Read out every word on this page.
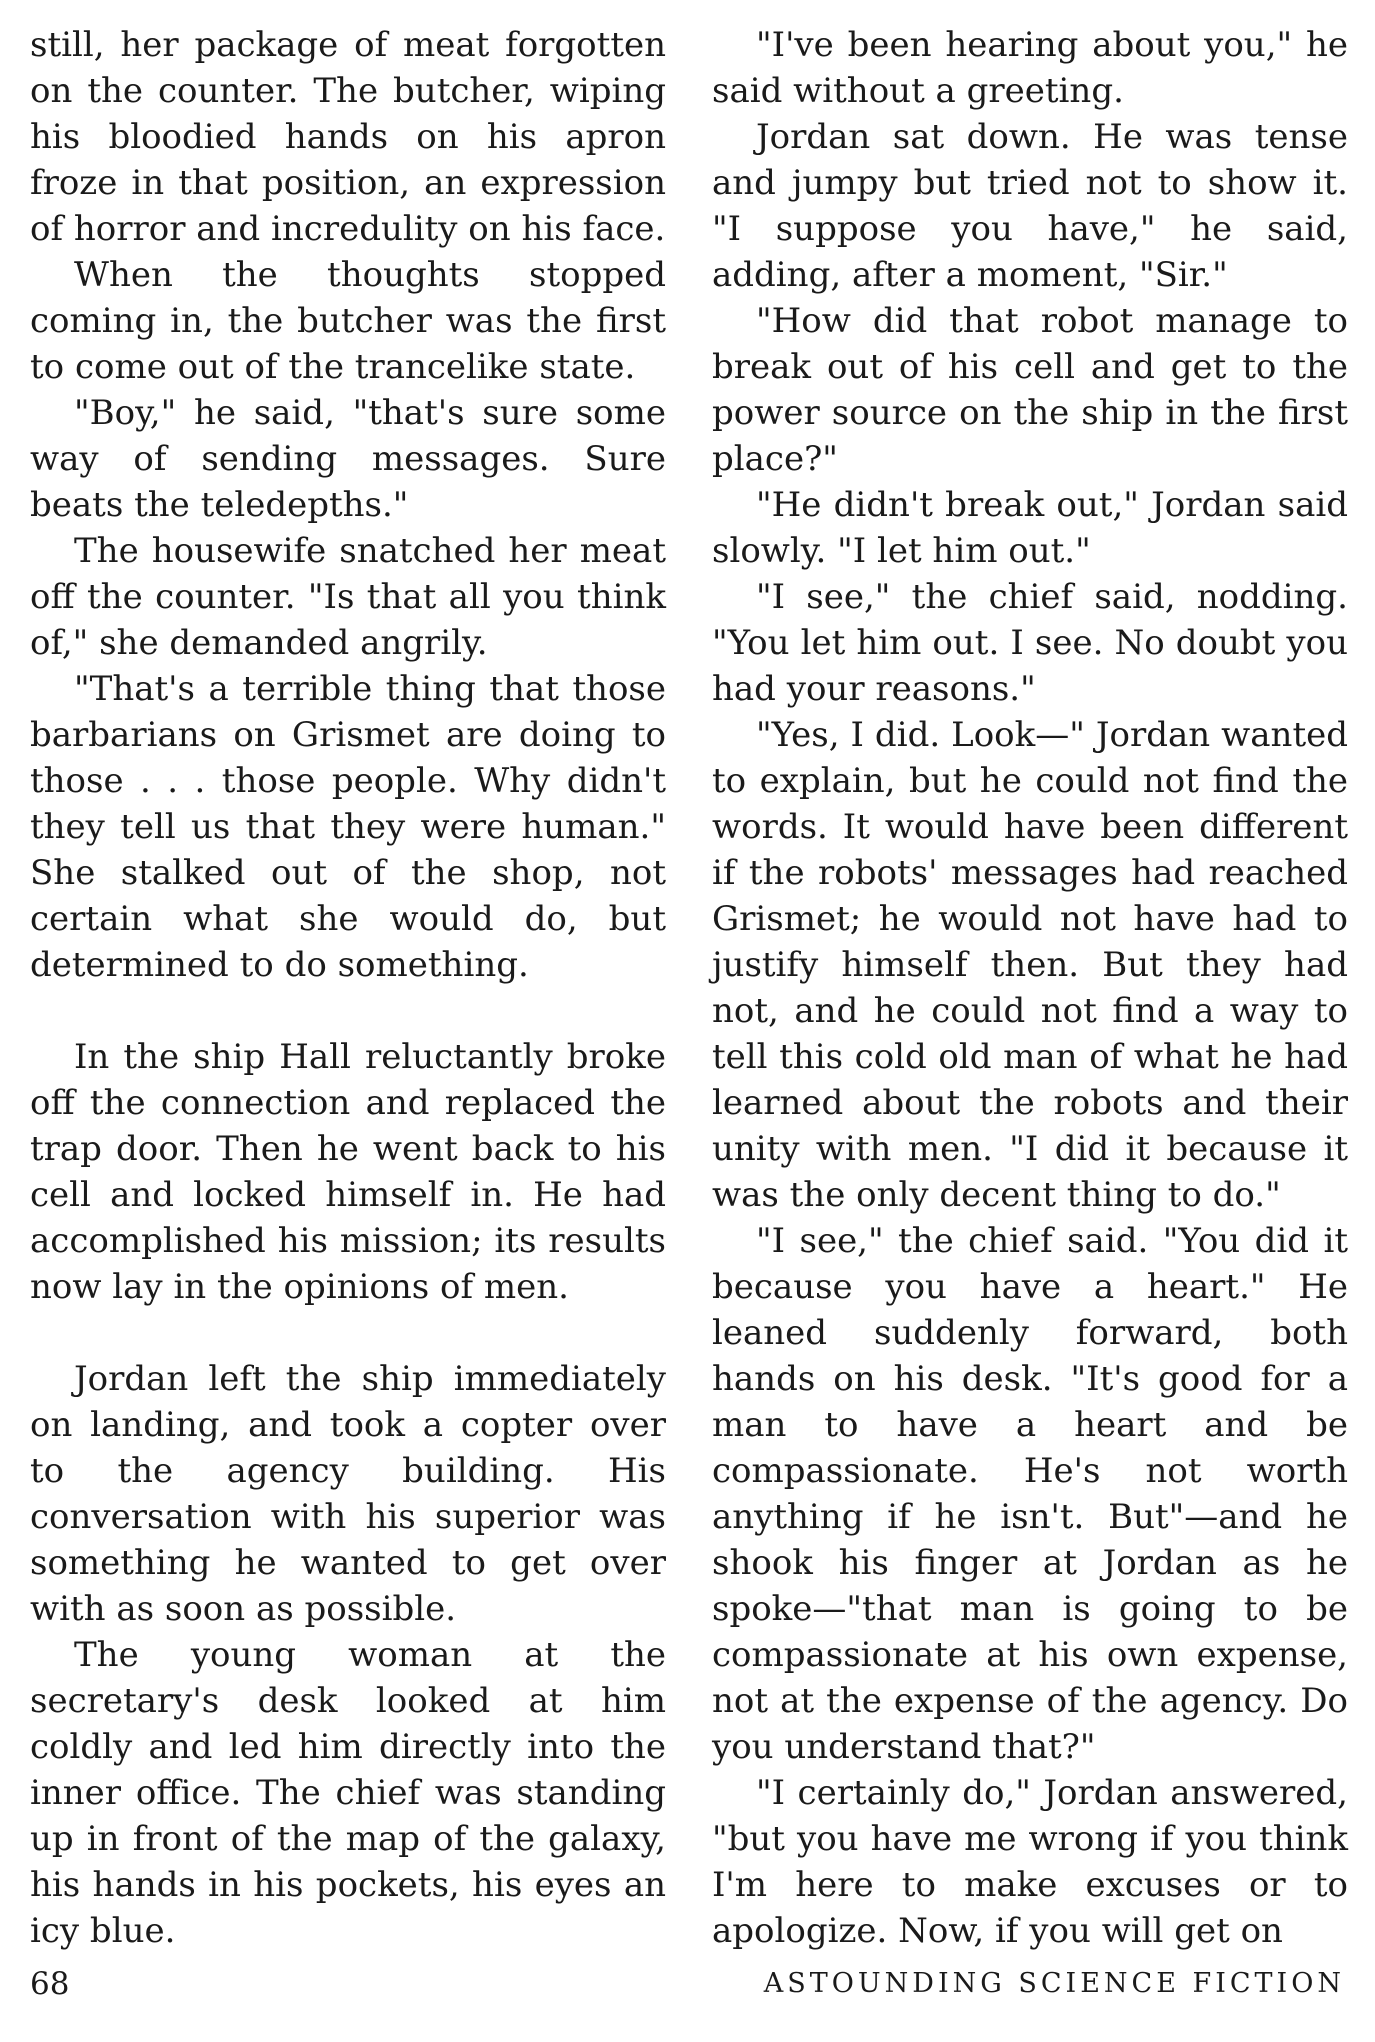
still, her package of meat forgotten on the counter. The butcher, wiping his bloodied hands on his apron froze in that position, an expression of horror and incredulity on his face.

When the thoughts stopped coming in, the butcher was the first to come out of the trancelike state.

"Boy," he said, "that's sure some way of sending messages. Sure beats the teledepths."

The housewife snatched her meat off the counter. "Is that all you think of," she demanded angrily.

"That's a terrible thing that those barbarians on Grismet are doing to those . . . those people. Why didn't they tell us that they were human." She stalked out of the shop, not certain what she would do, but determined to do something.

In the ship Hall reluctantly broke off the connection and replaced the trap door. Then he went back to his cell and locked himself in. He had accomplished his mission; its results now lay in the opinions of men.

Jordan left the ship immediately on landing, and took a copter over to the agency building. His conversation with his superior was something he wanted to get over with as soon as possible.

The young woman at the secretary's desk looked at him coldly and led him directly into the inner office. The chief was standing up in front of the map of the galaxy, his hands in his pockets, his eyes an icy blue.

"I've been hearing about you," he said without a greeting.

Jordan sat down. He was tense and jumpy but tried not to show it. "I suppose you have," he said, adding, after a moment, "Sir."

"How did that robot manage to break out of his cell and get to the power source on the ship in the first place?"

"He didn't break out," Jordan said slowly. "I let him out."

"I see," the chief said, nodding. "You let him out. I see. No doubt you had your reasons."

"Yes, I did. Look—" Jordan wanted to explain, but he could not find the words. It would have been different if the robots' messages had reached Grismet; he would not have had to justify himself then. But they had not, and he could not find a way to tell this cold old man of what he had learned about the robots and their unity with men. "I did it because it was the only decent thing to do."

"I see," the chief said. "You did it because you have a heart." He leaned suddenly forward, both hands on his desk. "It's good for a man to have a heart and be compassionate. He's not worth anything if he isn't. But"—and he shook his finger at Jordan as he spoke—"that man is going to be compassionate at his own expense, not at the expense of the agency. Do you understand that?"

"I certainly do," Jordan answered, "but you have me wrong if you think I'm here to make excuses or to apologize. Now, if you will get on

68	ASTOUNDING SCIENCE FICTION
